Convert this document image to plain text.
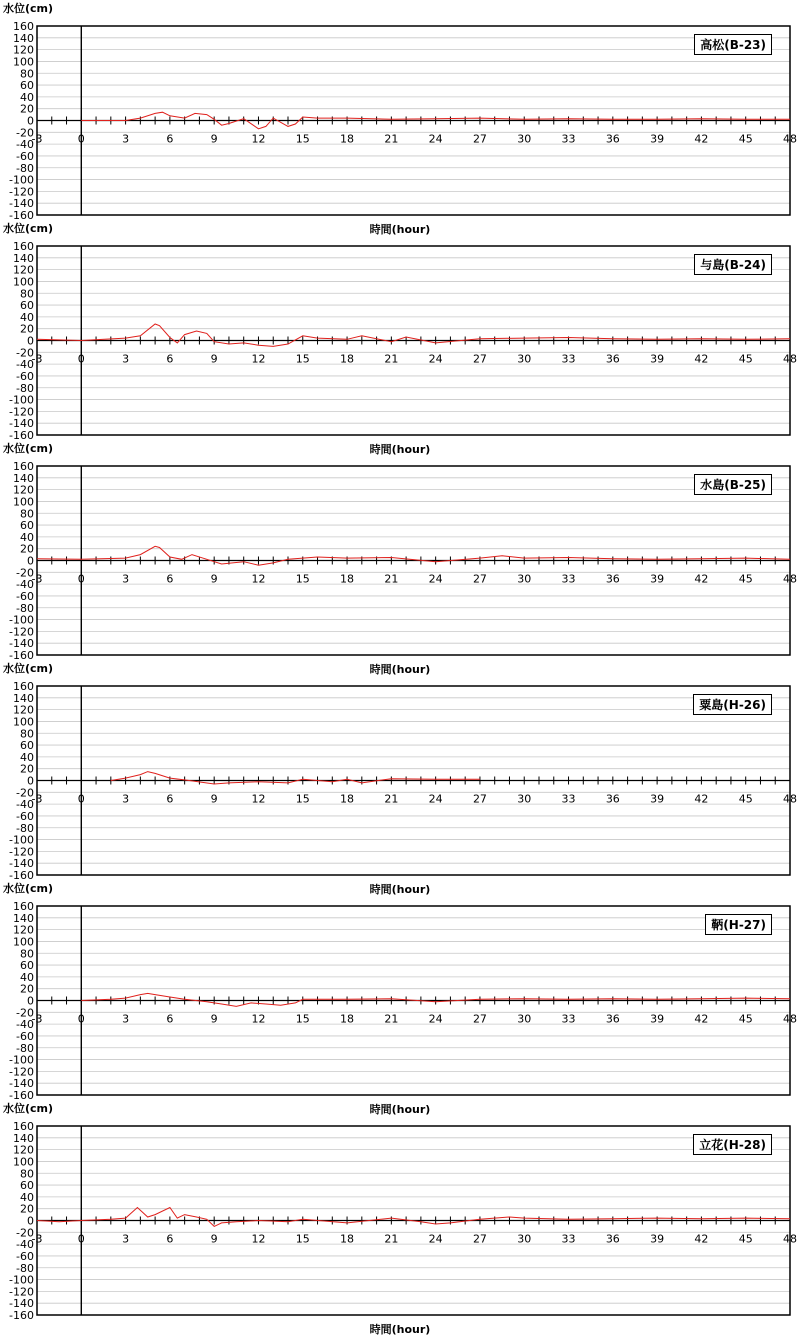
160
140
120
100
80
60
40
20
0
-20
-40
-60
-80
-100
-120
-140
-160
-3	0	3	6	9	12	15	18	21	24	27	30	33	36	39	42	45	48
水位(cm)
時間(hour)
高松(B-23)
160
140
120
100
80
60
40
20
0
-20
-40
-60
-80
-100
-120
-140
-160
-3	0	3	6	9	12	15	18	21	24	27	30	33	36	39	42	45	48
水位(cm)
時間(hour)
与島(B-24)
160
140
120
100
80
60
40
20
0
-20
-40
-60
-80
-100
-120
-140
-160
-3	0	3	6	9	12	15	18	21	24	27	30	33	36	39	42	45	48
水位(cm)
時間(hour)
水島(B-25)
160
140
120
100
80
60
40
20
0
-20
-40
-60
-80
-100
-120
-140
-160
-3	0	3	6	9	12	15	18	21	24	27	30	33	36	39	42	45	48
水位(cm)
時間(hour)
粟島(H-26)
160
140
120
100
80
60
40
20
0
-20
-40
-60
-80
-100
-120
-140
-160
-3	0	3	6	9	12	15	18	21	24	27	30	33	36	39	42	45	48
水位(cm)
時間(hour)
鞆(H-27)
160
140
120
100
80
60
40
20
0
-20
-40
-60
-80
-100
-120
-140
-160
-3	0	3	6	9	12	15	18	21	24	27	30	33	36	39	42	45	48
水位(cm)
時間(hour)
立花(H-28)
